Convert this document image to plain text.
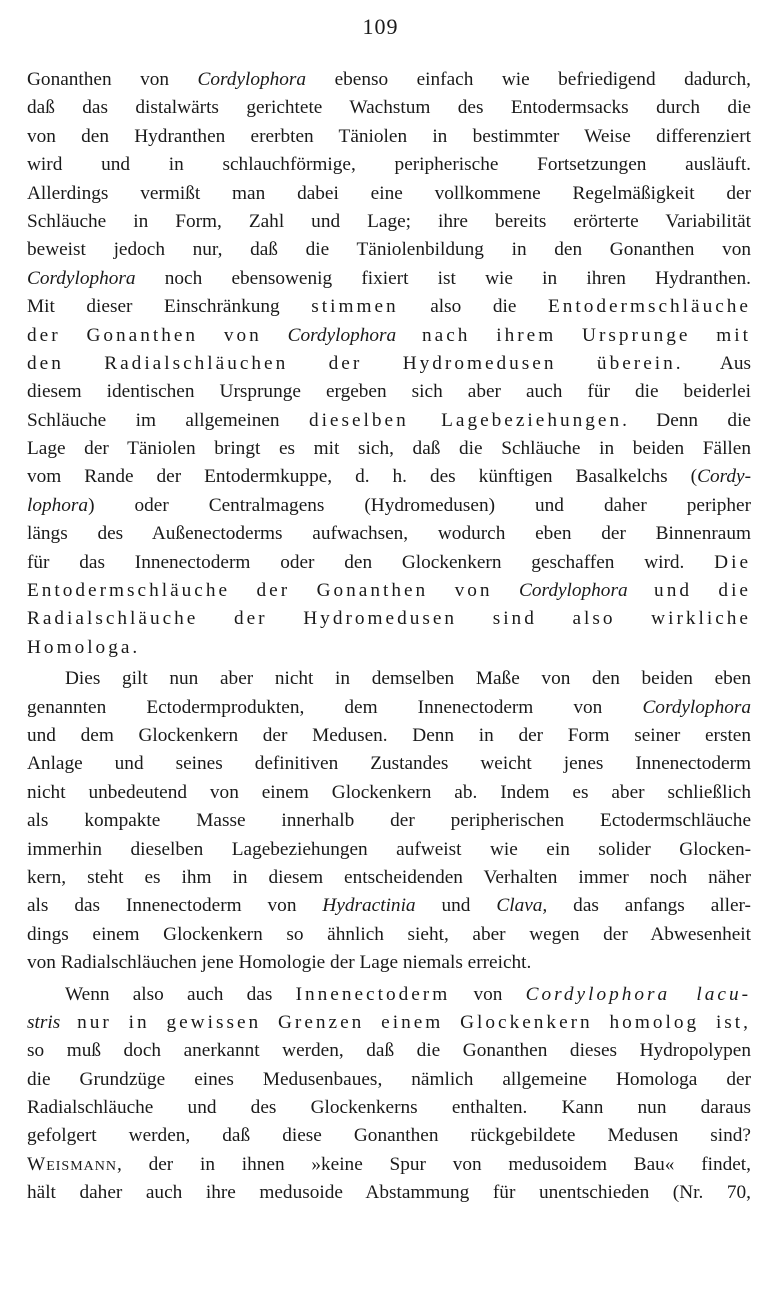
109
Gonanthen von Cordylophora ebenso einfach wie befriedigend dadurch,
daß das distalwärts gerichtete Wachstum des Entodermsacks durch die
von den Hydranthen ererbten Täniolen in bestimmter Weise differenziert
wird und in schlauchförmige, peripherische Fortsetzungen ausläuft.
Allerdings vermißt man dabei eine vollkommene Regelmäßigkeit der
Schläuche in Form, Zahl und Lage; ihre bereits erörterte Variabilität
beweist jedoch nur, daß die Täniolenbildung in den Gonanthen von
Cordylophora noch ebensowenig fixiert ist wie in ihren Hydranthen.
Mit dieser Einschränkung stimmen also die Entodermschläuche
der Gonanthen von Cordylophora nach ihrem Ursprunge mit
den Radialschläuchen der Hydromedusen überein. Aus
diesem identischen Ursprunge ergeben sich aber auch für die beiderlei
Schläuche im allgemeinen dieselben Lagebeziehungen. Denn die
Lage der Täniolen bringt es mit sich, daß die Schläuche in beiden Fällen
vom Rande der Entodermkuppe, d. h. des künftigen Basalkelchs (Cordy-
lophora) oder Centralmagens (Hydromedusen) und daher peripher
längs des Außenectoderms aufwachsen, wodurch eben der Binnenraum
für das Innenectoderm oder den Glockenkern geschaffen wird. Die
Entodermschläuche der Gonanthen von Cordylophora und die
Radialschläuche der Hydromedusen sind also wirkliche
Homologa.
Dies gilt nun aber nicht in demselben Maße von den beiden eben
genannten Ectodermprodukten, dem Innenectoderm von Cordylophora
und dem Glockenkern der Medusen. Denn in der Form seiner ersten
Anlage und seines definitiven Zustandes weicht jenes Innenectoderm
nicht unbedeutend von einem Glockenkern ab. Indem es aber schließlich
als kompakte Masse innerhalb der peripherischen Ectodermschläuche
immerhin dieselben Lagebeziehungen aufweist wie ein solider Glocken-
kern, steht es ihm in diesem entscheidenden Verhalten immer noch näher
als das Innenectoderm von Hydractinia und Clava, das anfangs aller-
dings einem Glockenkern so ähnlich sieht, aber wegen der Abwesenheit
von Radialschläuchen jene Homologie der Lage niemals erreicht.
Wenn also auch das Innenectoderm von Cordylophora lacu-
stris nur in gewissen Grenzen einem Glockenkern homolog ist,
so muß doch anerkannt werden, daß die Gonanthen dieses Hydropolypen
die Grundzüge eines Medusenbaues, nämlich allgemeine Homologa der
Radialschläuche und des Glockenkerns enthalten. Kann nun daraus
gefolgert werden, daß diese Gonanthen rückgebildete Medusen sind?
Weismann, der in ihnen »keine Spur von medusoidem Bau« findet,
hält daher auch ihre medusoide Abstammung für unentschieden (Nr. 70,
